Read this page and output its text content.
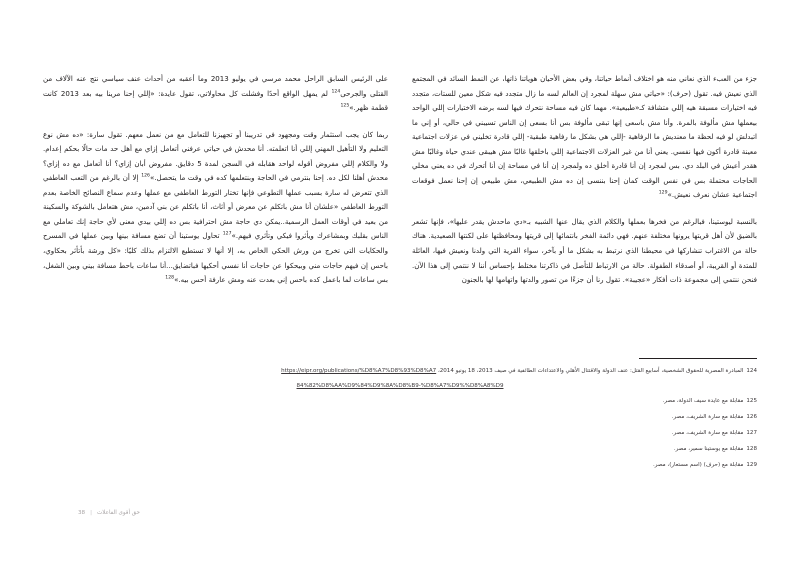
جزء من العبء الذي نعاني منه هو اختلاف أنماط حياتنا، وفي بعض الأحيان هوياتنا ذاتها، عن النمط السائد في المجتمع الذي نعيش فيه. تقول (حرف): «حياتي مش سهلة لمجرد إن العالم لسه ما زال متجدد فيه شكل معين للستات، متجدد فيه اختيارات مسبقة هيه إللي متشافة كـ«طبيعية». مهما كان فيه مساحة نتحرك فيها لسه برضه الاختيارات إللي الواحد بيعملها مش مألوفة بالمرة. وأنا مش باسعى إنها تبقى مألوفة بس أنا بسعى إن الناس تسيبني في حالي، أو إني ما اتبدلش لو فيه لحظة ما معنديش ما الرفاهية -إللي هي بشكل ما رفاهية طبقية- إللي قادرة تخليني في عزلات اجتماعية معينة قادرة أكون فيها نفسي. يعني أنا من غير العزلات الاجتماعية إللي باخلقها غالبًا مش هيبقى عندي حياة وغالبًا مش هقدر أعيش في البلد دي. بس لمجرد إن أنا قادرة أخلق ده ولمجرد إن أنا في مساحة إن أنا أتحرك في ده يعني مخلي الحاجات محتملة بس في نفس الوقت كمان إحنا بننسى إن ده مش الطبيعي، مش طبيعي إن إحنا نعمل فوقعات اجتماعية عشان نعرف نعيش.»$^{129}$

بالنسبة ليوستينا، فبالرغم من فخرها بعملها والكلام الذي يقال عنها الشبيه بـ«دي ماحدش يقدر عليها»، فإنها تشعر بالضيق لأن أهل قريتها يرونها مختلفة عنهم. فهي دائمة الفخر بانتمائها إلى قريتها ومحافظتها على لكنتها الصعيدية. هناك حالة من الاغتراب تنشاركها في محيطنا الذي نرتبط به بشكل ما أو بآخر، سواء القرية التي ولدنا ونعيش فيها، العائلة للمتدة أو القريبة، أو أصدقاء الطفولة. حالة من الارتباط للتأصل في ذاكرتنا مختلط بإحساس أننا لا ننتمي إلى هذا الآن. فنحن ننتمي إلى مجموعة ذات أفكار «عجيبة». تقول رنا أن جزءًا من تصور والدتها واتهامها لها بالجنون

على الرئيس السابق الراحل محمد مرسي في يوليو 2013 وما أعقبه من أحداث عنف سياسي نتج عنه الآلاف من القتلى والجرحى$^{124}$ لم يمهل الواقع أحدًا وفشلت كل محاولاتي، تقول عايدة: «إللي إحنا مرينا بيه بعد 2013 كانت قطمة ظهر.»$^{125}$

ربما كان يجب استثمار وقت ومجهود في تدريبنا أو تجهيزنا للتعامل مع من نعمل معهم. تقول سارة: «ده مش نوع التعليم ولا التأهيل المهني إللي أنا اتعلمته. أنا محدش في حياتي عرفني أتعامل إزاي مع أهل حد مات حالًا بحكم إعدام. ولا والكلام إللي مفروض أقوله لواحد هقابله في السجن لمدة 5 دقايق. مفروض أبان إزاي؟ أنا أتعامل مع ده إزاي؟ محدش أهلنا لكل ده. إحنا بنترمي في الحاجة وبنتعلمها كده في وقت ما يتحصل.»$^{126}$ إلا أن بالرغم من التعب العاطفي الذي تتعرض له سارة بسبب عملها التطوعي فإنها تختار التورط العاطفي مع عملها وعدم سماع النصائح الخاصة بعدم التورط العاطفي «علشان أنا مش باتكلم عن معرض أو أثاث، أنا باتكلم عن بني آدمين، مش هتعامل بالشوكة والسكينة من بعيد في أوقات العمل الرسمية..يمكن دي حاجة مش احترافية بس ده إللي بيدي معنى لأي حاجة إنك تعاملي مع الناس بقلبك وبمشاعرك ويأثروا فيكي وتأثري فيهم.»$^{127}$ تحاول يوستينا أن تضع مسافة بينها وبين عملها في المسرح والحكايات التي تخرج من ورش الحكي الخاص به، إلا أنها لا تستطيع الالتزام بذلك كليًا: «كل ورشة بأتأثر بحكاوي، باحس إن فيهم حاجات مني وبيحكوا عن حاجات أنا نفسي أحكيها فباتضايق...أنا ساعات باحط مسافة بيني وبين الشغل، بس ساعات لما باعمل كده باحس إني بعدت عنه ومش عارفة أحس بيه.»$^{128}$

124المبادرة المصرية للحقوق الشخصية، أسابيع القتل: عنف الدولة والاقتتال الأهلي والاعتداءات الطائفية في صيف 2013، 18 يونيو 2014، https://eipr.org/publications/%D8%A7%D8%93%D8%A7

84%82%D8%AA%D9%84%D9%8A%D8%B9-%D8%A7%D9%%D8%A8%D9

125مقابلة مع عايدة سيف الدولة، مصر.

126مقابلة مع سارة الشريف، مصر.

127مقابلة مع سارة الشريف، مصر.

128مقابلة مع يوستينا سمير، مصر.

129مقابلة مع (حرف) (اسم مستعار)، مصر.

حق أقوى الفاعلات
|
38
